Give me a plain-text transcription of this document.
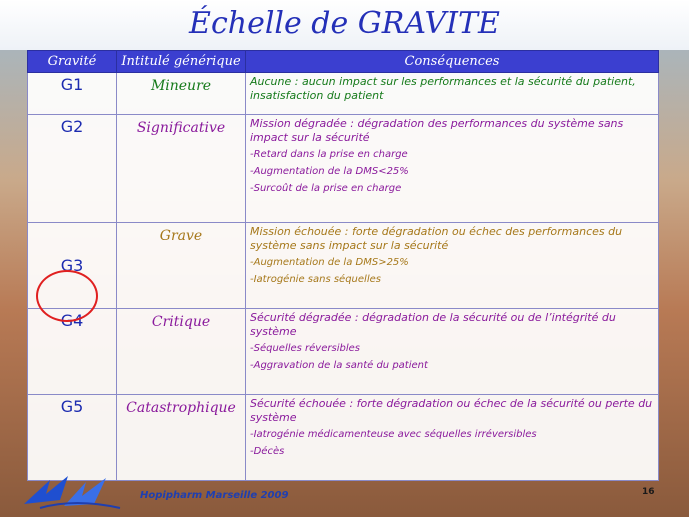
Échelle de GRAVITE
Gravité	Intitulé générique	Conséquences
G1	Mineure	Aucune : aucun impact sur les performances et la sécurité du patient, insatisfaction du patient

G2	Significative	Mission dégradée : dégradation des performances du système sans impact sur la sécurité

-Retard dans la prise en charge

-Augmentation de la DMS<25%

-Surcoût de la prise en charge

G3	Grave	Mission échouée : forte dégradation ou échec des performances du système sans impact sur la sécurité

-Augmentation de la DMS>25%

-Iatrogénie sans séquelles

G4	Critique	Sécurité dégradée : dégradation de la sécurité ou de l’intégrité du système

-Séquelles réversibles

-Aggravation de la santé du patient

G5	Catastrophique	Sécurité échouée : forte dégradation ou échec de la sécurité ou perte du système

-Iatrogénie médicamenteuse avec séquelles irréversibles

-Décès

Hopipharm Marseille 2009	16
